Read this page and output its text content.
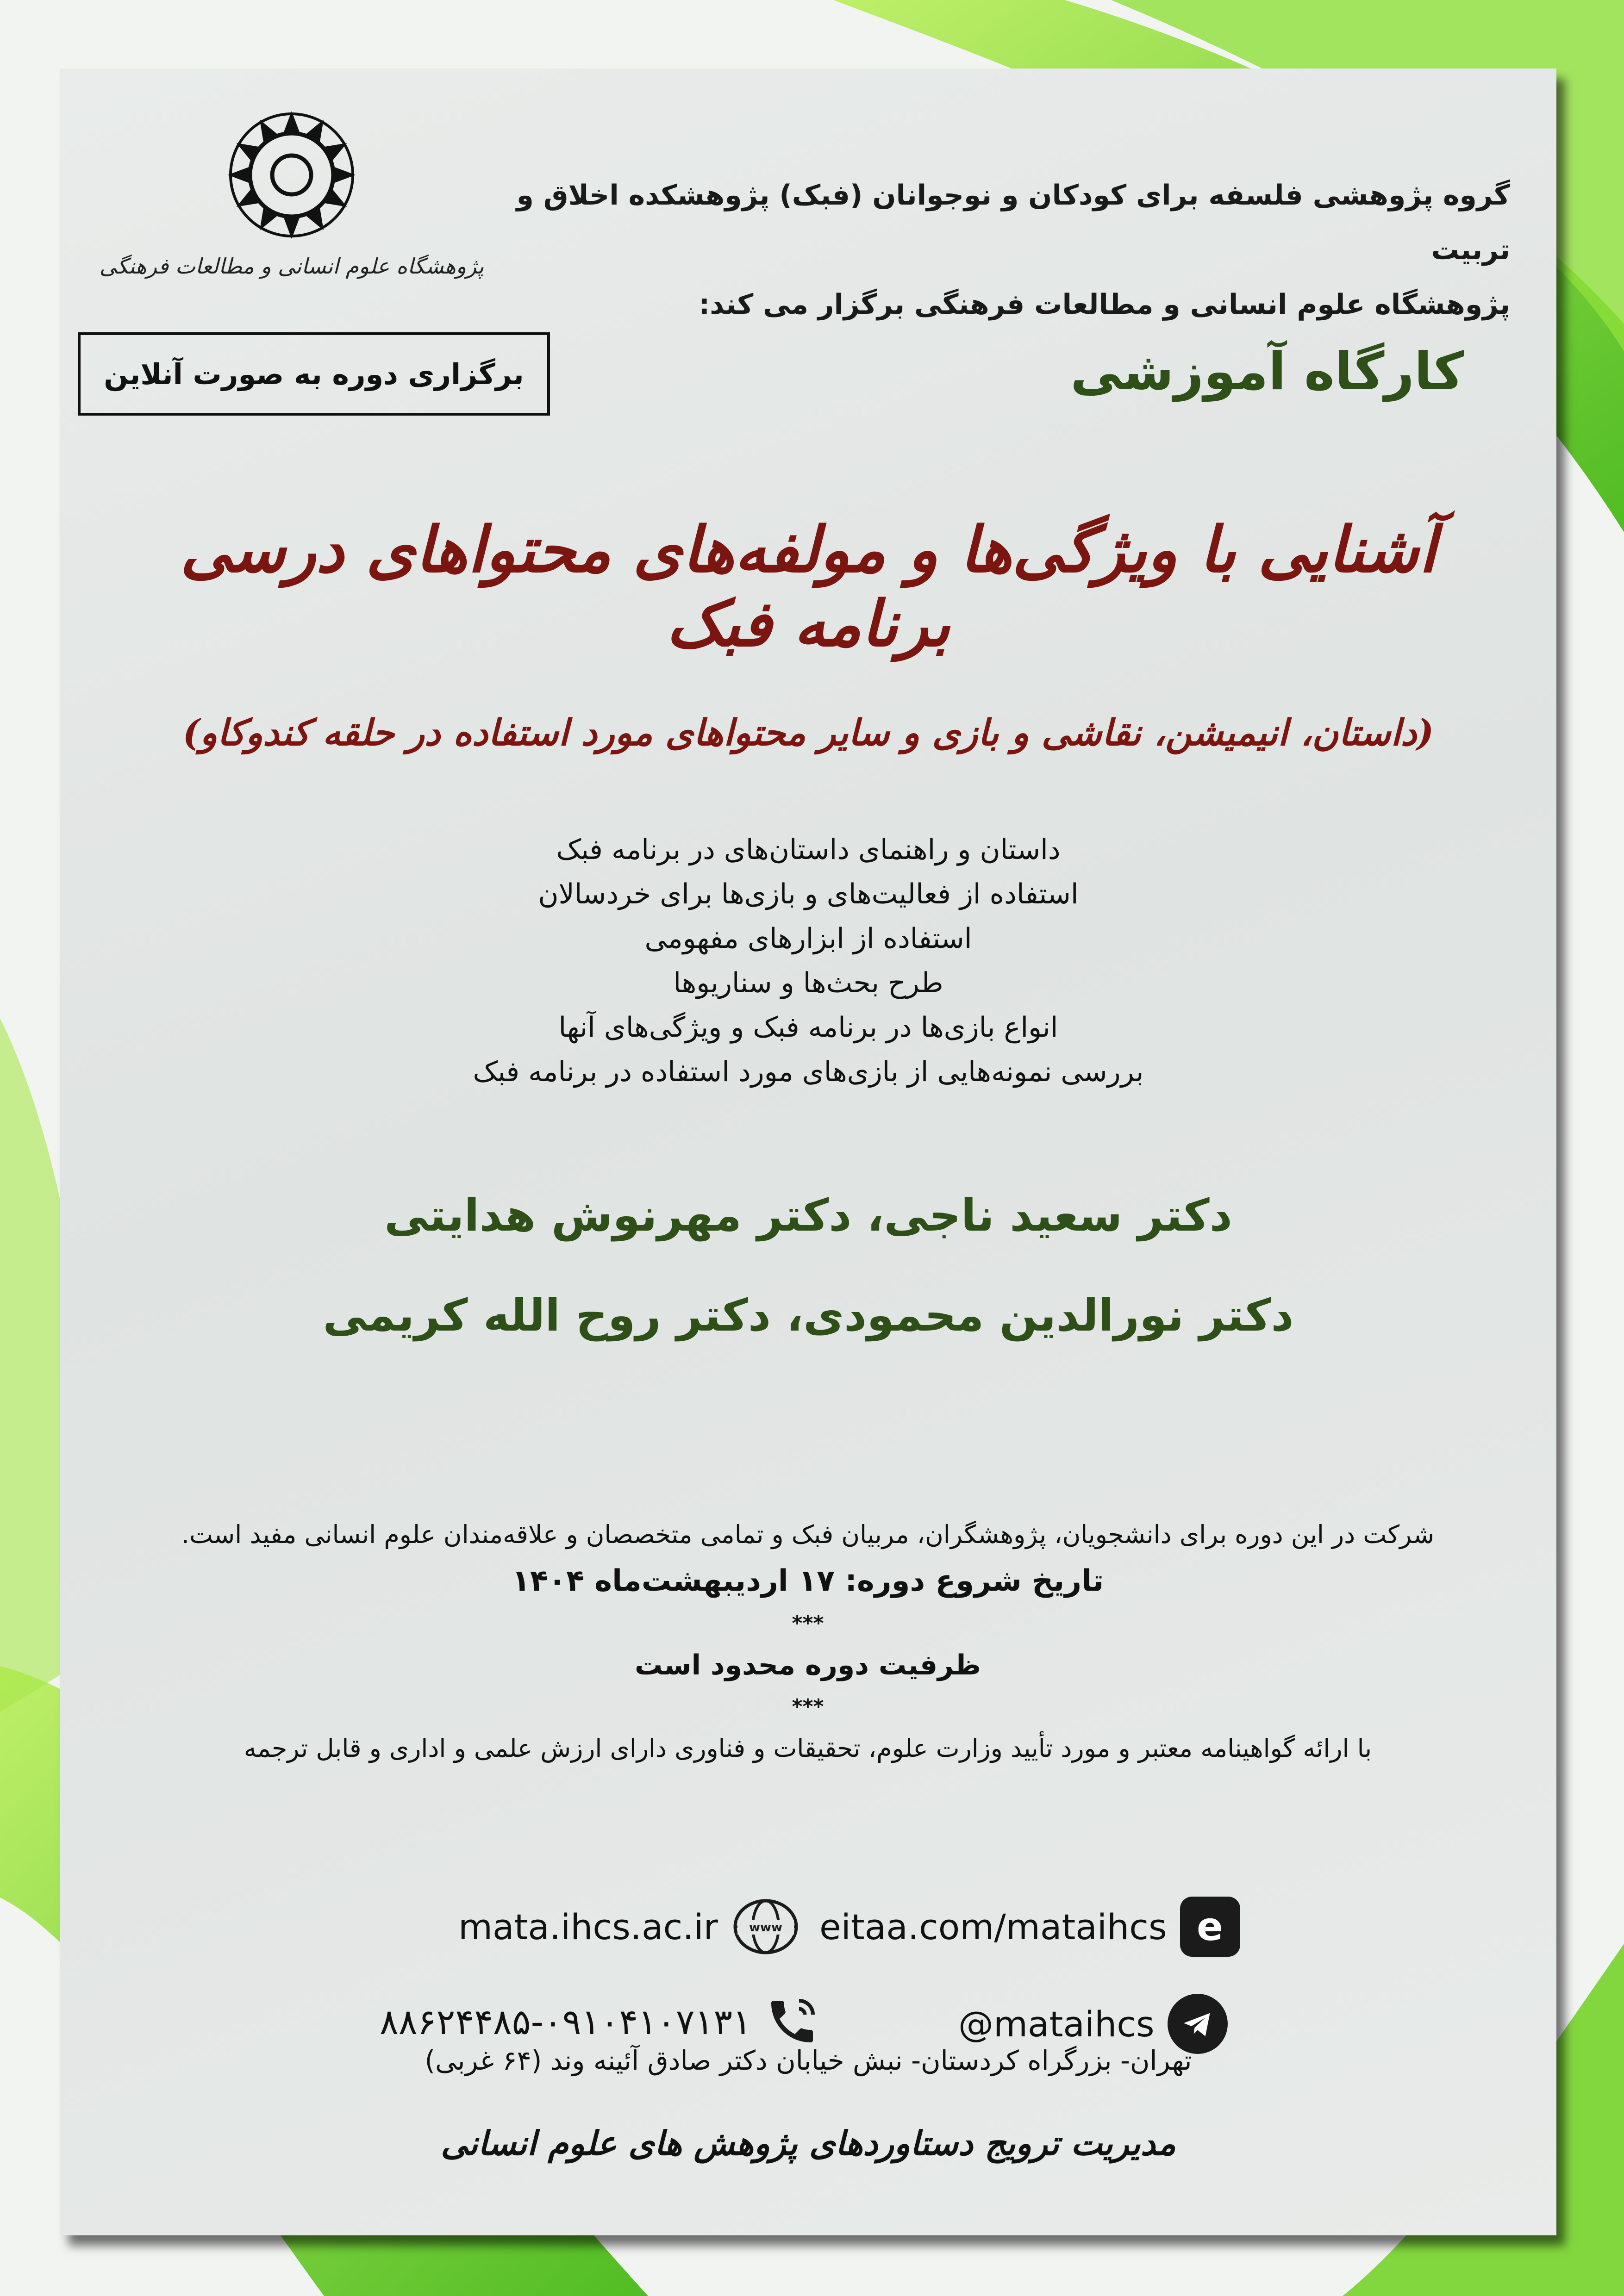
پژوهشگاه علوم انسانی و مطالعات فرهنگی
گروه پژوهشی فلسفه برای کودکان و نوجوانان (فبک) پژوهشکده اخلاق و تربیت
پژوهشگاه علوم انسانی و مطالعات فرهنگی برگزار می کند:
برگزاری دوره به صورت آنلاین	کارگاه آموزشی
آشنایی با ویژگی‌ها و مولفه‌های محتواهای درسی برنامه فبک
(داستان، انیمیشن، نقاشی و بازی و سایر محتواهای مورد استفاده در حلقه کندوکاو)
داستان و راهنمای داستان‌های در برنامه فبک
استفاده از فعالیت‌های و بازی‌ها برای خردسالان
استفاده از ابزارهای مفهومی
طرح بحث‌ها و سناریوها
انواع بازی‌ها در برنامه فبک و ویژگی‌های آنها
بررسی نمونه‌هایی از بازی‌های مورد استفاده در برنامه فبک
دکتر سعید ناجی، دکتر مهرنوش هدایتی
دکتر نورالدین محمودی، دکتر روح الله کریمی
شرکت در این دوره برای دانشجویان، پژوهشگران، مربیان فبک و تمامی متخصصان و علاقه‌مندان علوم انسانی مفید است.
تاریخ شروع دوره: ۱۷ اردیبهشت‌ماه ۱۴۰۴
***
ظرفیت دوره محدود است
***
با ارائه گواهینامه معتبر و مورد تأیید وزارت علوم، تحقیقات و فناوری دارای ارزش علمی و اداری و قابل ترجمه
mata.ihcs.ac.ir	www eitaa.com/mataihcs e
۸۸۶۲۴۴۸۵-۰۹۱۰۴۱۰۷۱۳۱	@mataihcs
تهران- بزرگراه کردستان- نبش خیابان دکتر صادق آئینه وند (۶۴ غربی)
مدیریت ترویج دستاوردهای پژوهش های علوم انسانی
